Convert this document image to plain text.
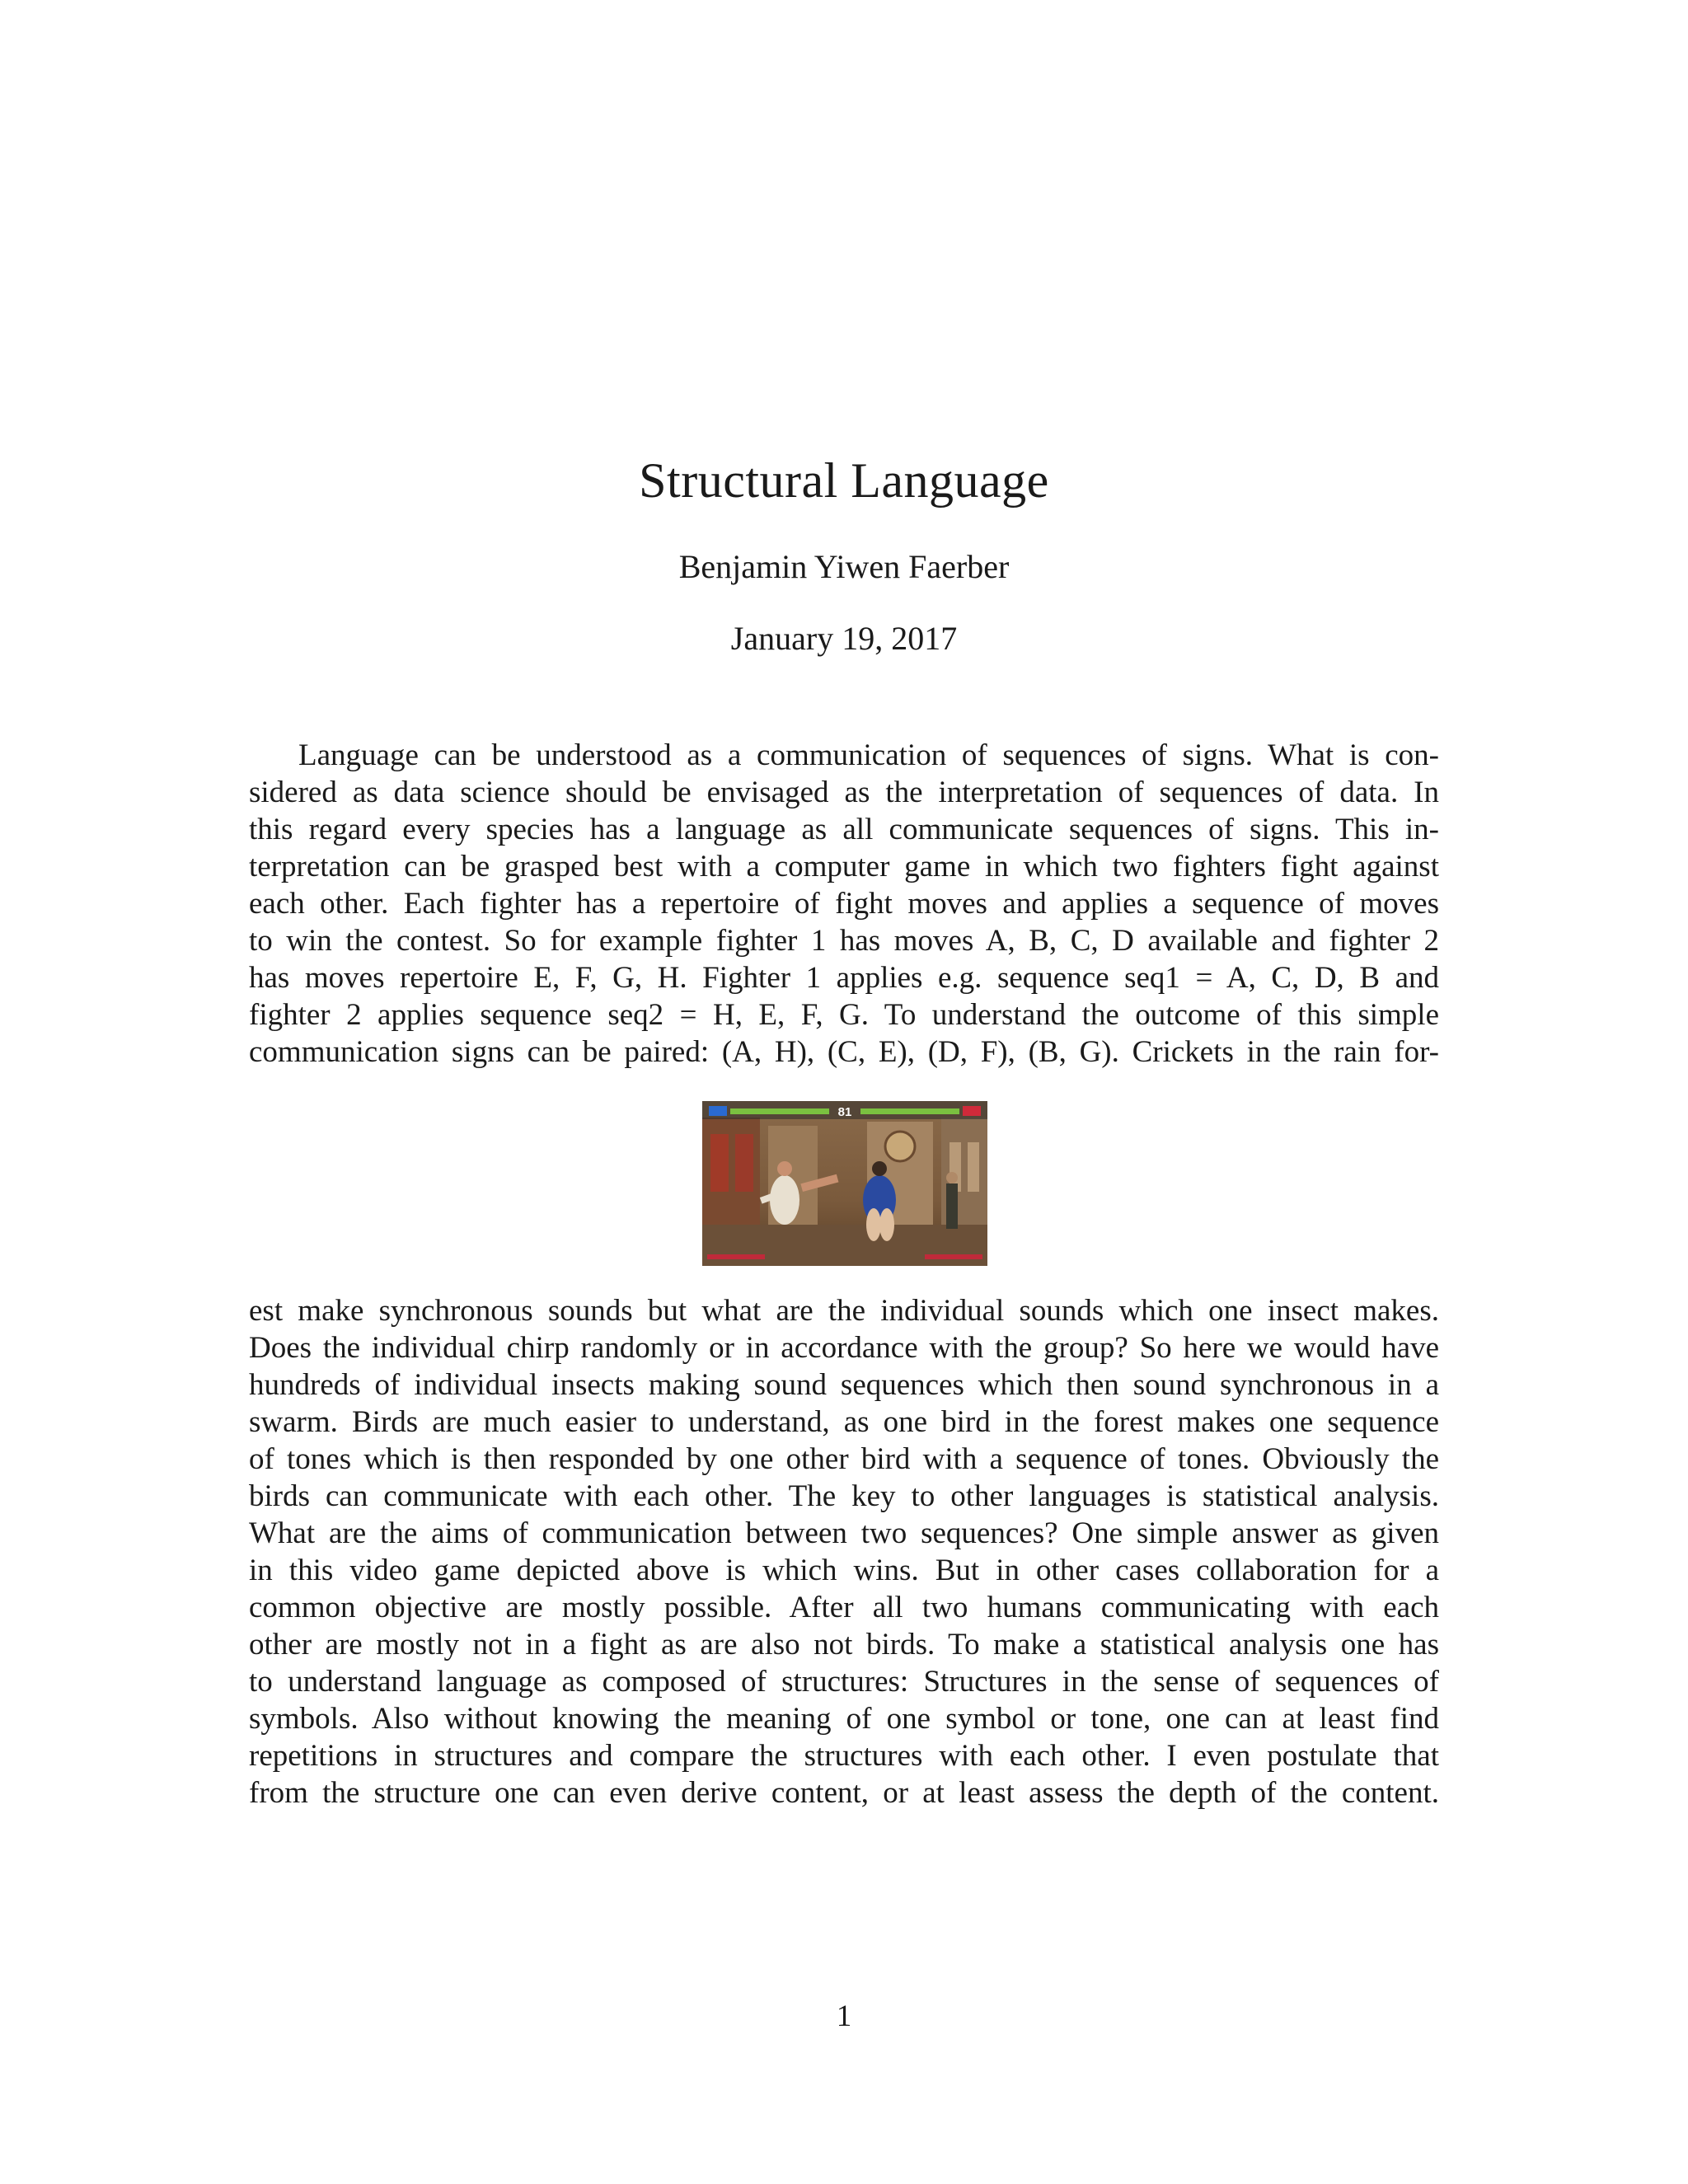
Structural Language
Benjamin Yiwen Faerber
January 19, 2017
Language can be understood as a communication of sequences of signs. What is con-
sidered as data science should be envisaged as the interpretation of sequences of data. In
this regard every species has a language as all communicate sequences of signs. This in-
terpretation can be grasped best with a computer game in which two fighters fight against
each other. Each fighter has a repertoire of fight moves and applies a sequence of moves
to win the contest. So for example fighter 1 has moves A, B, C, D available and fighter 2
has moves repertoire E, F, G, H. Fighter 1 applies e.g. sequence seq1 = A, C, D, B and
fighter 2 applies sequence seq2 = H, E, F, G. To understand the outcome of this simple
communication signs can be paired: (A, H), (C, E), (D, F), (B, G). Crickets in the rain for-
81
est make synchronous sounds but what are the individual sounds which one insect makes.
Does the individual chirp randomly or in accordance with the group? So here we would have
hundreds of individual insects making sound sequences which then sound synchronous in a
swarm. Birds are much easier to understand, as one bird in the forest makes one sequence
of tones which is then responded by one other bird with a sequence of tones. Obviously the
birds can communicate with each other. The key to other languages is statistical analysis.
What are the aims of communication between two sequences? One simple answer as given
in this video game depicted above is which wins. But in other cases collaboration for a
common objective are mostly possible. After all two humans communicating with each
other are mostly not in a fight as are also not birds. To make a statistical analysis one has
to understand language as composed of structures: Structures in the sense of sequences of
symbols. Also without knowing the meaning of one symbol or tone, one can at least find
repetitions in structures and compare the structures with each other. I even postulate that
from the structure one can even derive content, or at least assess the depth of the content.
1
